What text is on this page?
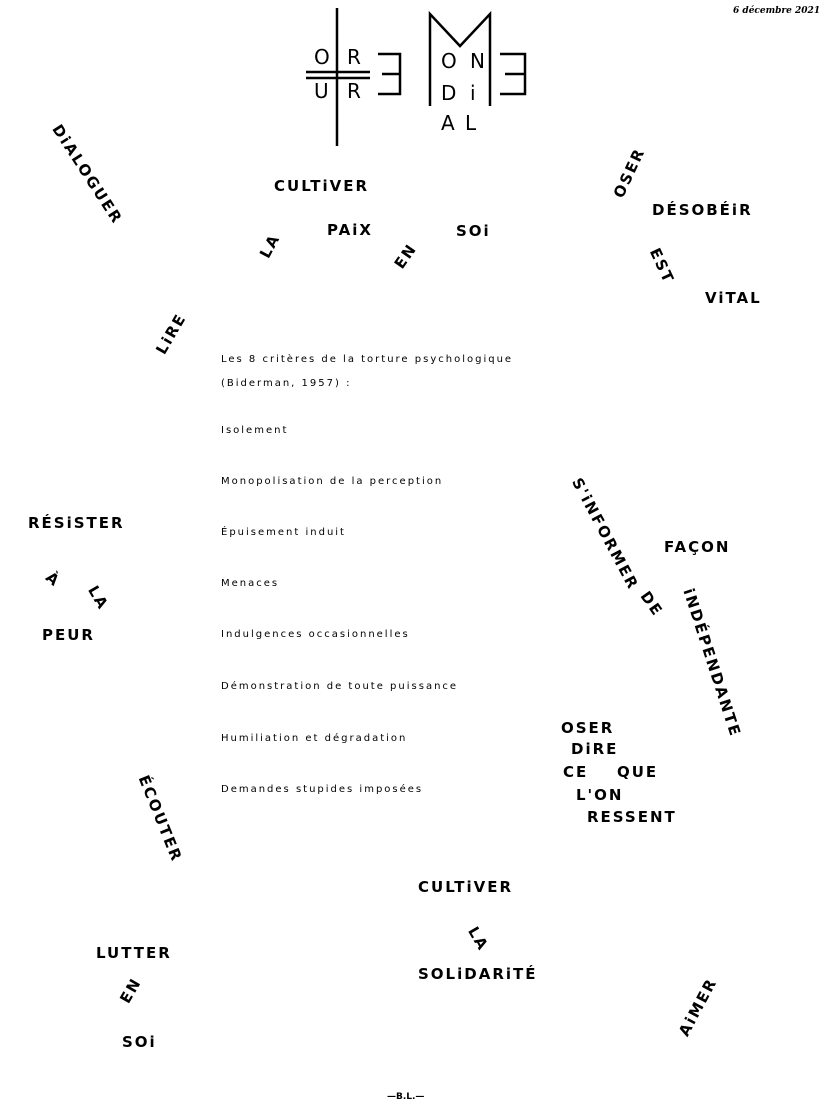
6 décembre 2021
O R
U R
O N
D i
A L
DiALOGUER	CULTiVER
LA
PAiX
EN
SOi
OSER
DÉSOBÉiR
EST
ViTAL
LiRE
RÉSiSTER
À
LA
PEUR
S'iNFORMER
DE
FAÇON
iNDÉPENDANTE
OSER
DiRE
CE QUE
L'ON
RESSENT
ÉCOUTER
CULTiVER
LA
SOLiDARiTÉ
LUTTER
EN
SOi
AiMER
Les 8 critères de la torture psychologique
(Biderman, 1957) :
Isolement
Monopolisation de la perception
Épuisement induit
Menaces
Indulgences occasionnelles
Démonstration de toute puissance
Humiliation et dégradation
Demandes stupides imposées
—B.L.—
